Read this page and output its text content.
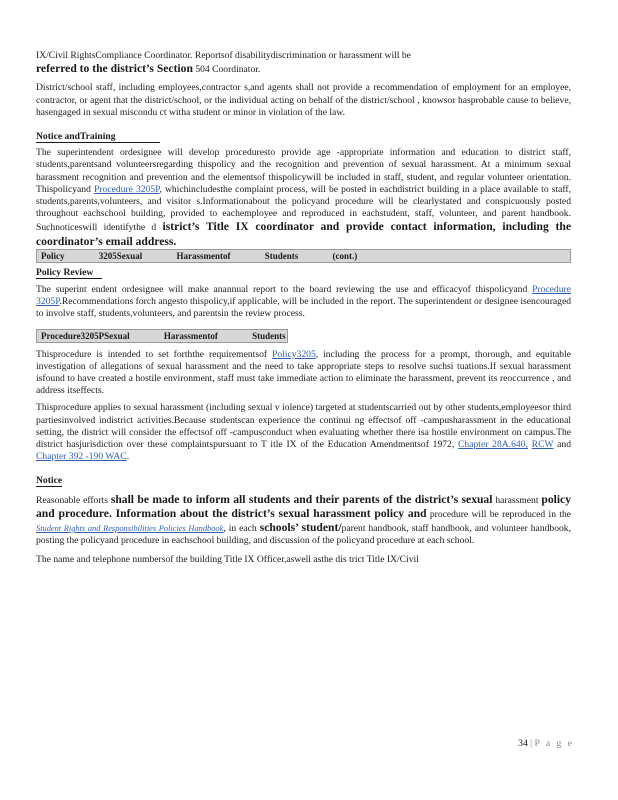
IX/Civil RightsCompliance Coordinator. Reportsof disabilitydiscrimination or harassment will be
referred to the district’s Section 504 Coordinator.

District/school staff, including employees,contractor s,and agents shall not provide a recommendation of employment for an employee, contractor, or agent that the district/school, or the individual acting on behalf of the district/school , knowsor hasprobable cause to believe, hasengaged in sexual miscondu ct witha student or minor in violation of the law.

Notice andTraining

The superintendent ordesignee will develop proceduresto provide age -appropriate information and education to district staff, students,parentsand volunteersregarding thispolicy and the recognition and prevention of sexual harassment. At a minimum sexual harassment recognition and prevention and the elementsof thispolicywill be included in staff, student, and regular volunteer orientation. Thispolicyand Procedure 3205P, whichincludesthe complaint process, will be posted in eachdistrict building in a place available to staff, students,parents,volunteers, and visitor s.Informationabout the policyand procedure will be clearlystated and conspicuously posted throughout eachschool building, provided to eachemployee and reproduced in eachstudent, staff, volunteer, and parent handbook. Suchnoticeswill identifythe d istrict’s Title IX coordinator and provide contact information, including the coordinator’s email address.

Policy	3205Sexual	Harassmentof	Students	(cont.)

Policy Review

The superint endent ordesignee will make anannual report to the board reviewing the use and efficacyof thispolicyand Procedure 3205P.Recommendations forch angesto thispolicy,if applicable, will be included in the report. The superintendent or designee isencouraged to involve staff, students,volunteers, and parentsin the review process.

Procedure3205PSexual	Harassmentof	Students

Thisprocedure is intended to set forththe requirementsof Policy3205, including the process for a prompt, thorough, and equitable investigation of allegations of sexual harassment and the need to take appropriate steps to resolve suchsi tuations.If sexual harassment isfound to have created a hostile environment, staff must take immediate action to eliminate the harassment, prevent its reoccurrence , and address itseffects.

Thisprocedure applies to sexual harassment (including sexual v iolence) targeted at studentscarried out by other students,employeesor third partiesinvolved indistrict activities.Because studentscan experience the continui ng effectsof off -campusharassment in the educational setting, the district will consider the effectsof off -campusconduct when evaluating whether there isa hostile environment on campus.The district hasjurisdiction over these complaintspursuant to T itle IX of the Education Amendmentsof 1972, Chapter 28A.640, RCW and Chapter 392 -190 WAC.

Notice

Reasonable efforts shall be made to inform all students and their parents of the district’s sexual harassment policy and procedure. Information about the district’s sexual harassment policy and procedure will be reproduced in the Student Rights and Responsibilities Policies Handbook, in each schools’ student/parent handbook, staff handbook, and volunteer handbook, posting the policyand procedure in eachschool building, and discussion of the policyand procedure at each school.

The name and telephone numbersof the building Title IX Officer,aswell asthe dis trict Title IX/Civil

34 | P a g e
